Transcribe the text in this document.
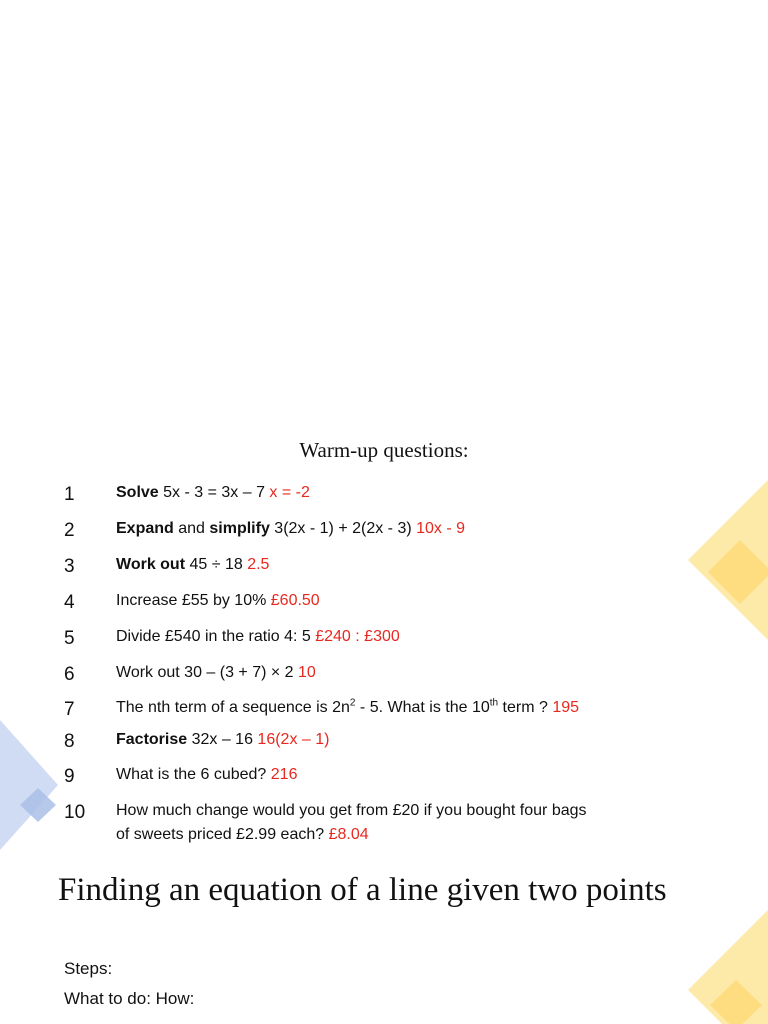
Warm-up questions:
1	Solve 5x - 3 = 3x – 7 x = -2
2	Expand and simplify 3(2x - 1) + 2(2x - 3) 10x - 9
3	Work out 45 ÷ 18 2.5
4	Increase £55 by 10% £60.50
5	Divide £540 in the ratio 4: 5 £240 : £300
6	Work out 30 – (3 + 7) × 2 10
7	The nth term of a sequence is $2n^2 - 5$. What is the 10th term ? 195
8	Factorise 32x – 16 16(2x – 1)
9	What is the 6 cubed? 216
10	How much change would you get from £20 if you bought four bags
of sweets priced £2.99 each? £8.04
Finding an equation of a line given two points
Steps:
What to do: How:
